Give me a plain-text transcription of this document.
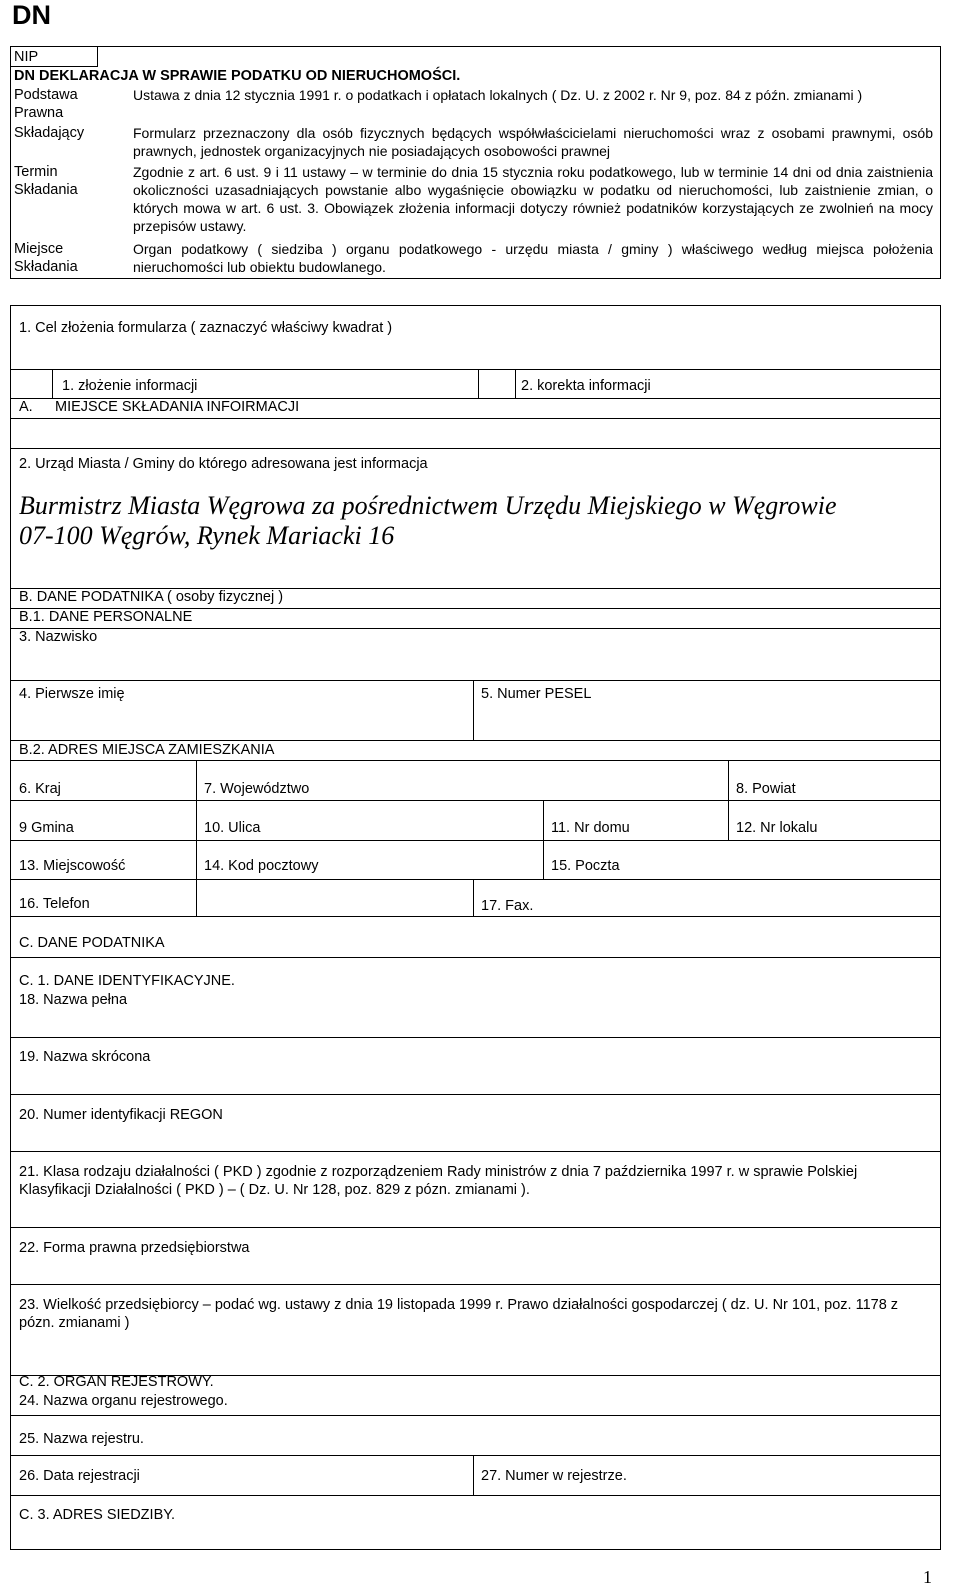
DN
NIP
DN DEKLARACJA W SPRAWIE PODATKU OD NIERUCHOMOŚCI.
Podstawa Prawna
Ustawa z dnia 12 stycznia 1991 r. o podatkach i opłatach lokalnych ( Dz. U. z 2002 r. Nr 9, poz. 84 z późn. zmianami )
Składający	Formularz przeznaczony dla osób fizycznych będących współwłaścicielami nieruchomości wraz z osobami prawnymi, osób prawnych, jednostek organizacyjnych nie posiadających osobowości prawnej
Termin Składania
Zgodnie z art. 6 ust. 9 i 11 ustawy – w terminie do dnia 15 stycznia roku podatkowego, lub w terminie 14 dni od dnia zaistnienia okoliczności uzasadniających powstanie albo wygaśnięcie obowiązku w podatku od nieruchomości, lub zaistnienie zmian, o których mowa w art. 6 ust. 3. Obowiązek złożenia informacji dotyczy również podatników korzystających ze zwolnień na mocy przepisów ustawy.
Miejsce Składania
Organ podatkowy ( siedziba ) organu podatkowego - urzędu miasta / gminy ) właściwego według miejsca położenia nieruchomości lub obiektu budowlanego.
1. Cel złożenia formularza ( zaznaczyć właściwy kwadrat )
1. złożenie informacji	2. korekta informacji
A. MIEJSCE SKŁADANIA INFOIRMACJI
2. Urząd Miasta / Gminy do którego adresowana jest informacja
Burmistrz Miasta Węgrowa za pośrednictwem Urzędu Miejskiego w Węgrowie
07-100 Węgrów, Rynek Mariacki 16
B. DANE PODATNIKA ( osoby fizycznej )
B.1. DANE PERSONALNE
3. Nazwisko
4. Pierwsze imię	5. Numer PESEL
B.2. ADRES MIEJSCA ZAMIESZKANIA
6. Kraj	7. Województwo	8. Powiat
9 Gmina	10. Ulica	11. Nr domu	12. Nr lokalu
13. Miejscowość	14. Kod pocztowy	15. Poczta
16. Telefon	17. Fax.
C. DANE PODATNIKA
C. 1. DANE IDENTYFIKACYJNE.
18. Nazwa pełna
19. Nazwa skrócona
20. Numer identyfikacji REGON
21. Klasa rodzaju działalności ( PKD ) zgodnie z rozporządzeniem Rady ministrów z dnia 7 października 1997 r. w sprawie Polskiej Klasyfikacji Działalności ( PKD ) – ( Dz. U. Nr 128, poz. 829 z pózn. zmianami ).
22. Forma prawna przedsiębiorstwa
23. Wielkość przedsiębiorcy – podać wg. ustawy z dnia 19 listopada 1999 r. Prawo działalności gospodarczej ( dz. U. Nr 101, poz. 1178 z pózn. zmianami )
C. 2. ORGAN REJESTROWY.
24. Nazwa organu rejestrowego.
25. Nazwa rejestru.
26. Data rejestracji	27. Numer w rejestrze.
C. 3. ADRES SIEDZIBY.
1
